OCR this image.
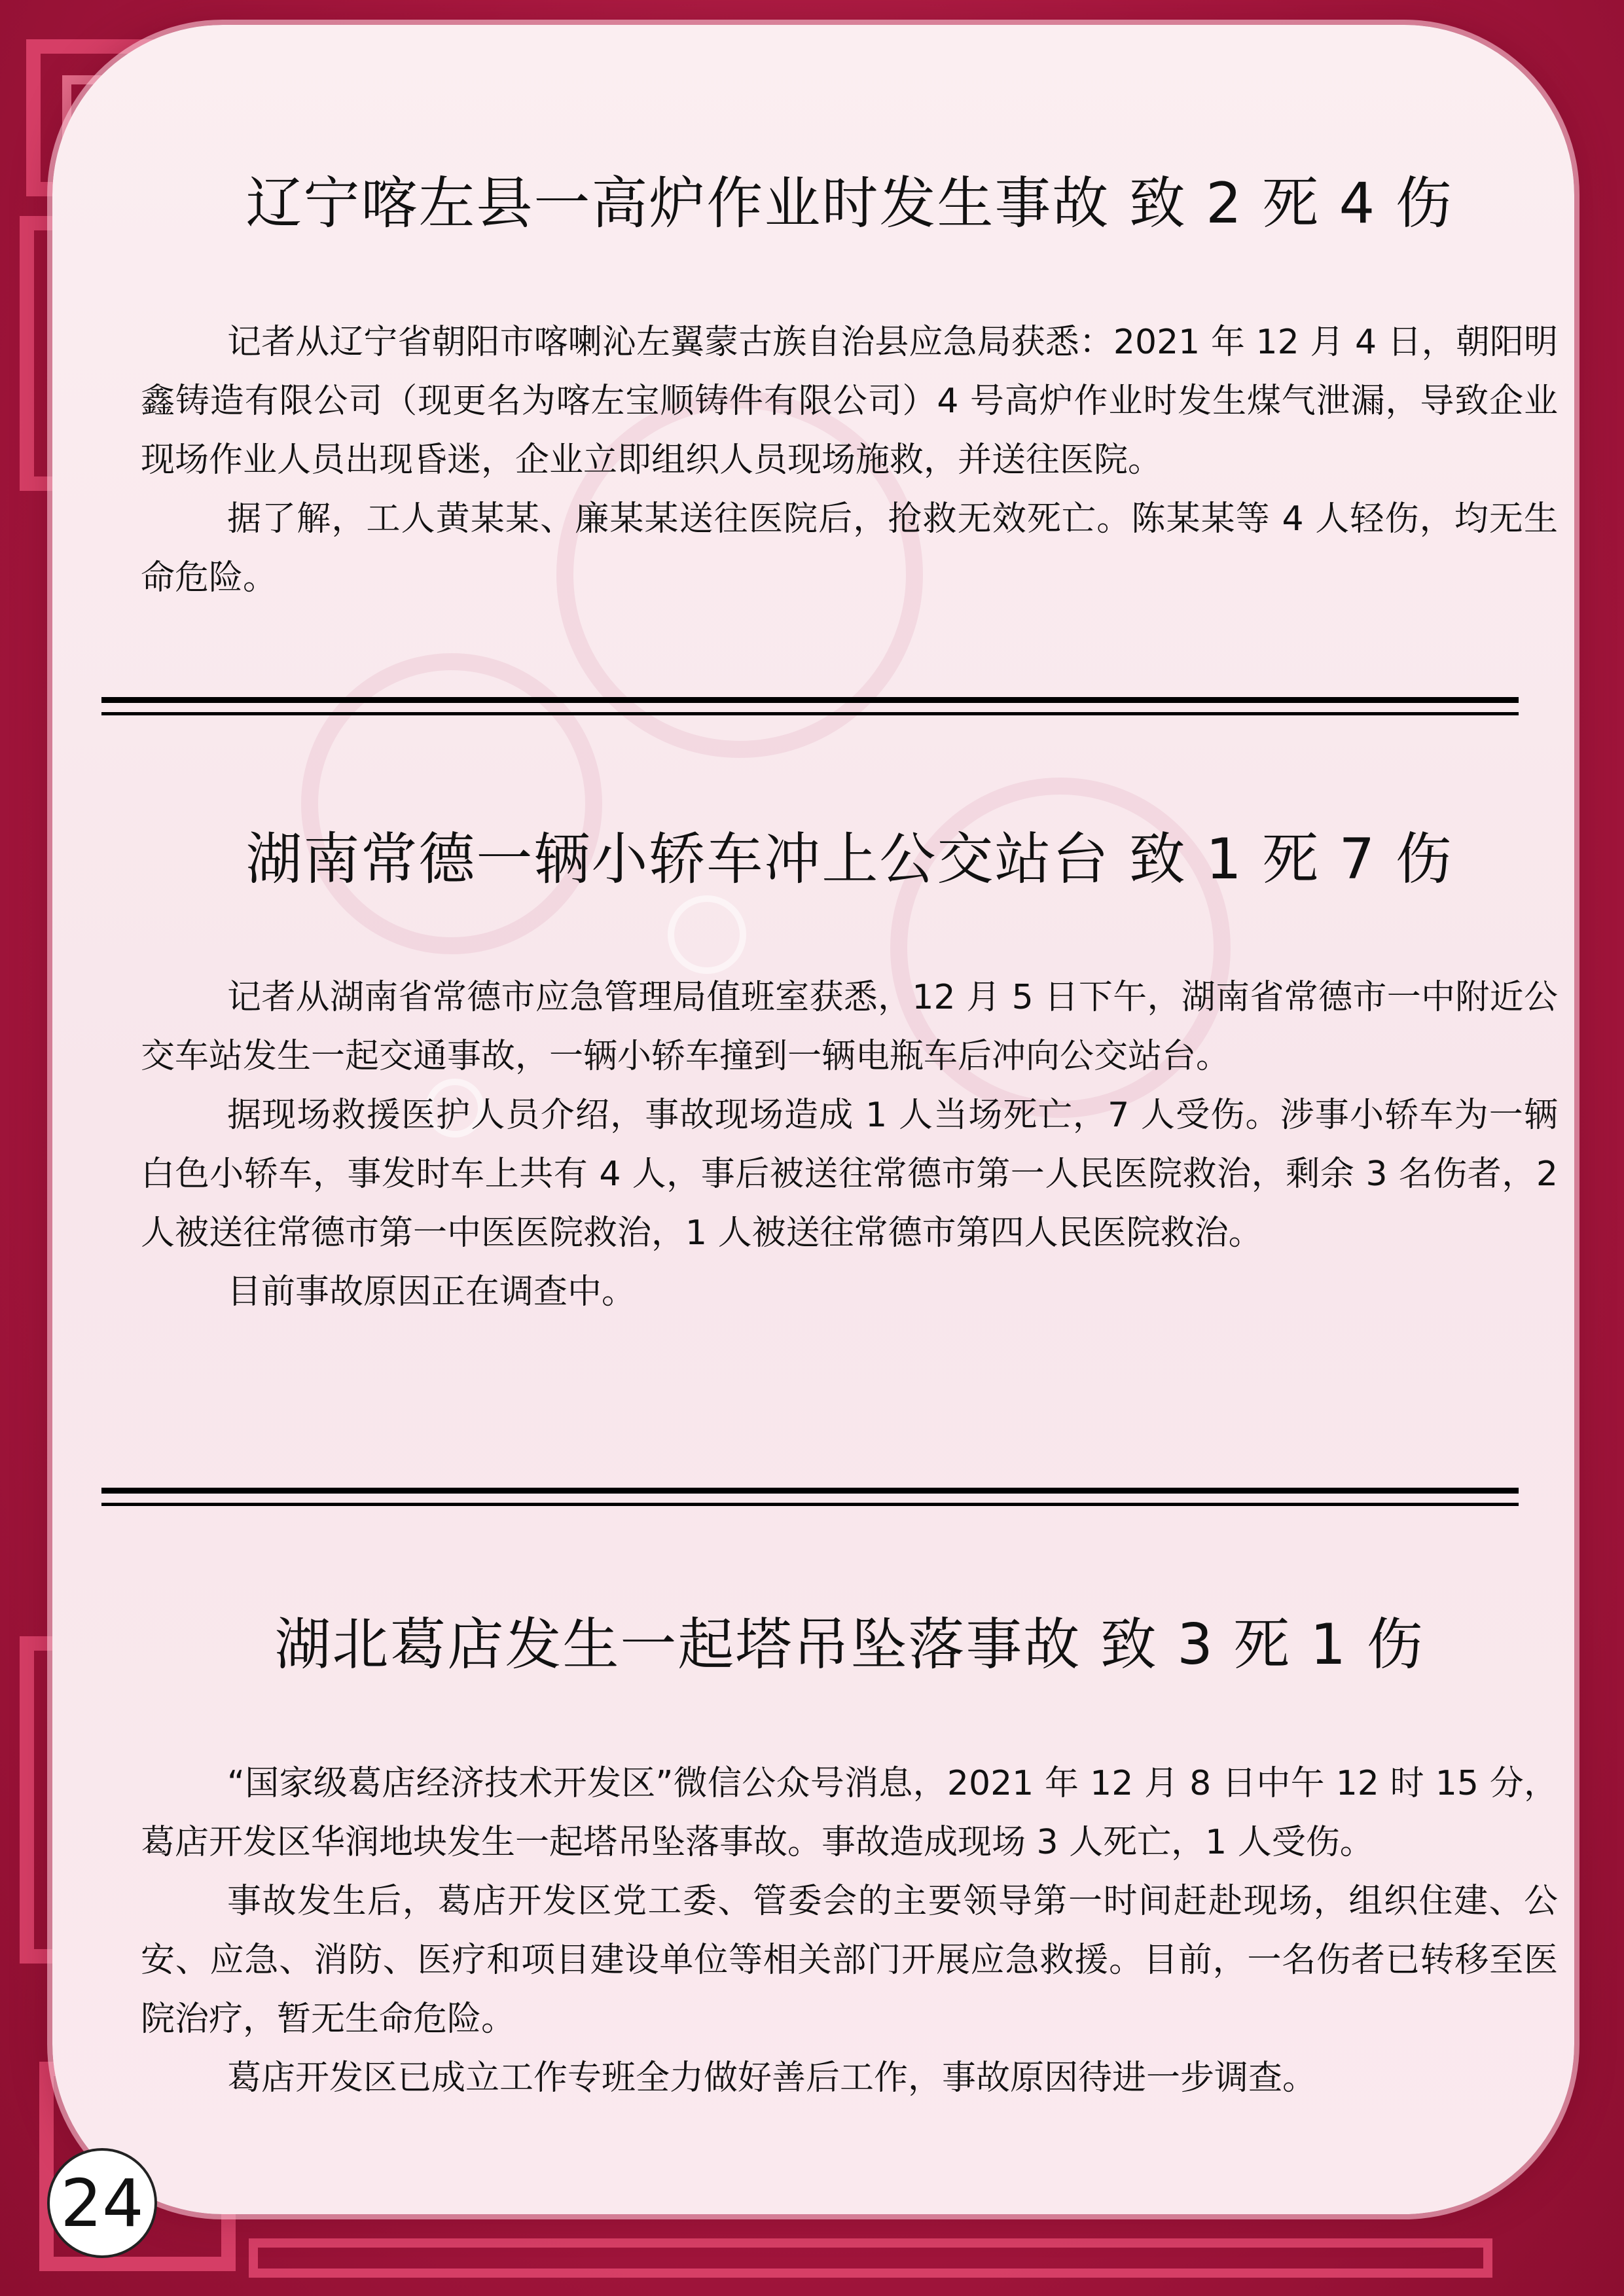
辽宁喀左县一高炉作业时发生事故 致 2 死 4 伤

记者从辽宁省朝阳市喀喇沁左翼蒙古族自治县应急局获悉：2021 年 12 月 4 日，朝阳明鑫铸造有限公司（现更名为喀左宝顺铸件有限公司）4 号高炉作业时发生煤气泄漏，导致企业现场作业人员出现昏迷，企业立即组织人员现场施救，并送往医院。

据了解，工人黄某某、廉某某送往医院后，抢救无效死亡。陈某某等 4 人轻伤，均无生命危险。

湖南常德一辆小轿车冲上公交站台 致 1 死 7 伤

记者从湖南省常德市应急管理局值班室获悉，12 月 5 日下午，湖南省常德市一中附近公交车站发生一起交通事故，一辆小轿车撞到一辆电瓶车后冲向公交站台。

据现场救援医护人员介绍，事故现场造成 1 人当场死亡，7 人受伤。涉事小轿车为一辆白色小轿车，事发时车上共有 4 人，事后被送往常德市第一人民医院救治，剩余 3 名伤者，2 人被送往常德市第一中医医院救治，1 人被送往常德市第四人民医院救治。

目前事故原因正在调查中。

湖北葛店发生一起塔吊坠落事故 致 3 死 1 伤

“国家级葛店经济技术开发区”微信公众号消息，2021 年 12 月 8 日中午 12 时 15 分，葛店开发区华润地块发生一起塔吊坠落事故。事故造成现场 3 人死亡，1 人受伤。

事故发生后，葛店开发区党工委、管委会的主要领导第一时间赶赴现场，组织住建、公安、应急、消防、医疗和项目建设单位等相关部门开展应急救援。目前，一名伤者已转移至医院治疗，暂无生命危险。

葛店开发区已成立工作专班全力做好善后工作，事故原因待进一步调查。

24
